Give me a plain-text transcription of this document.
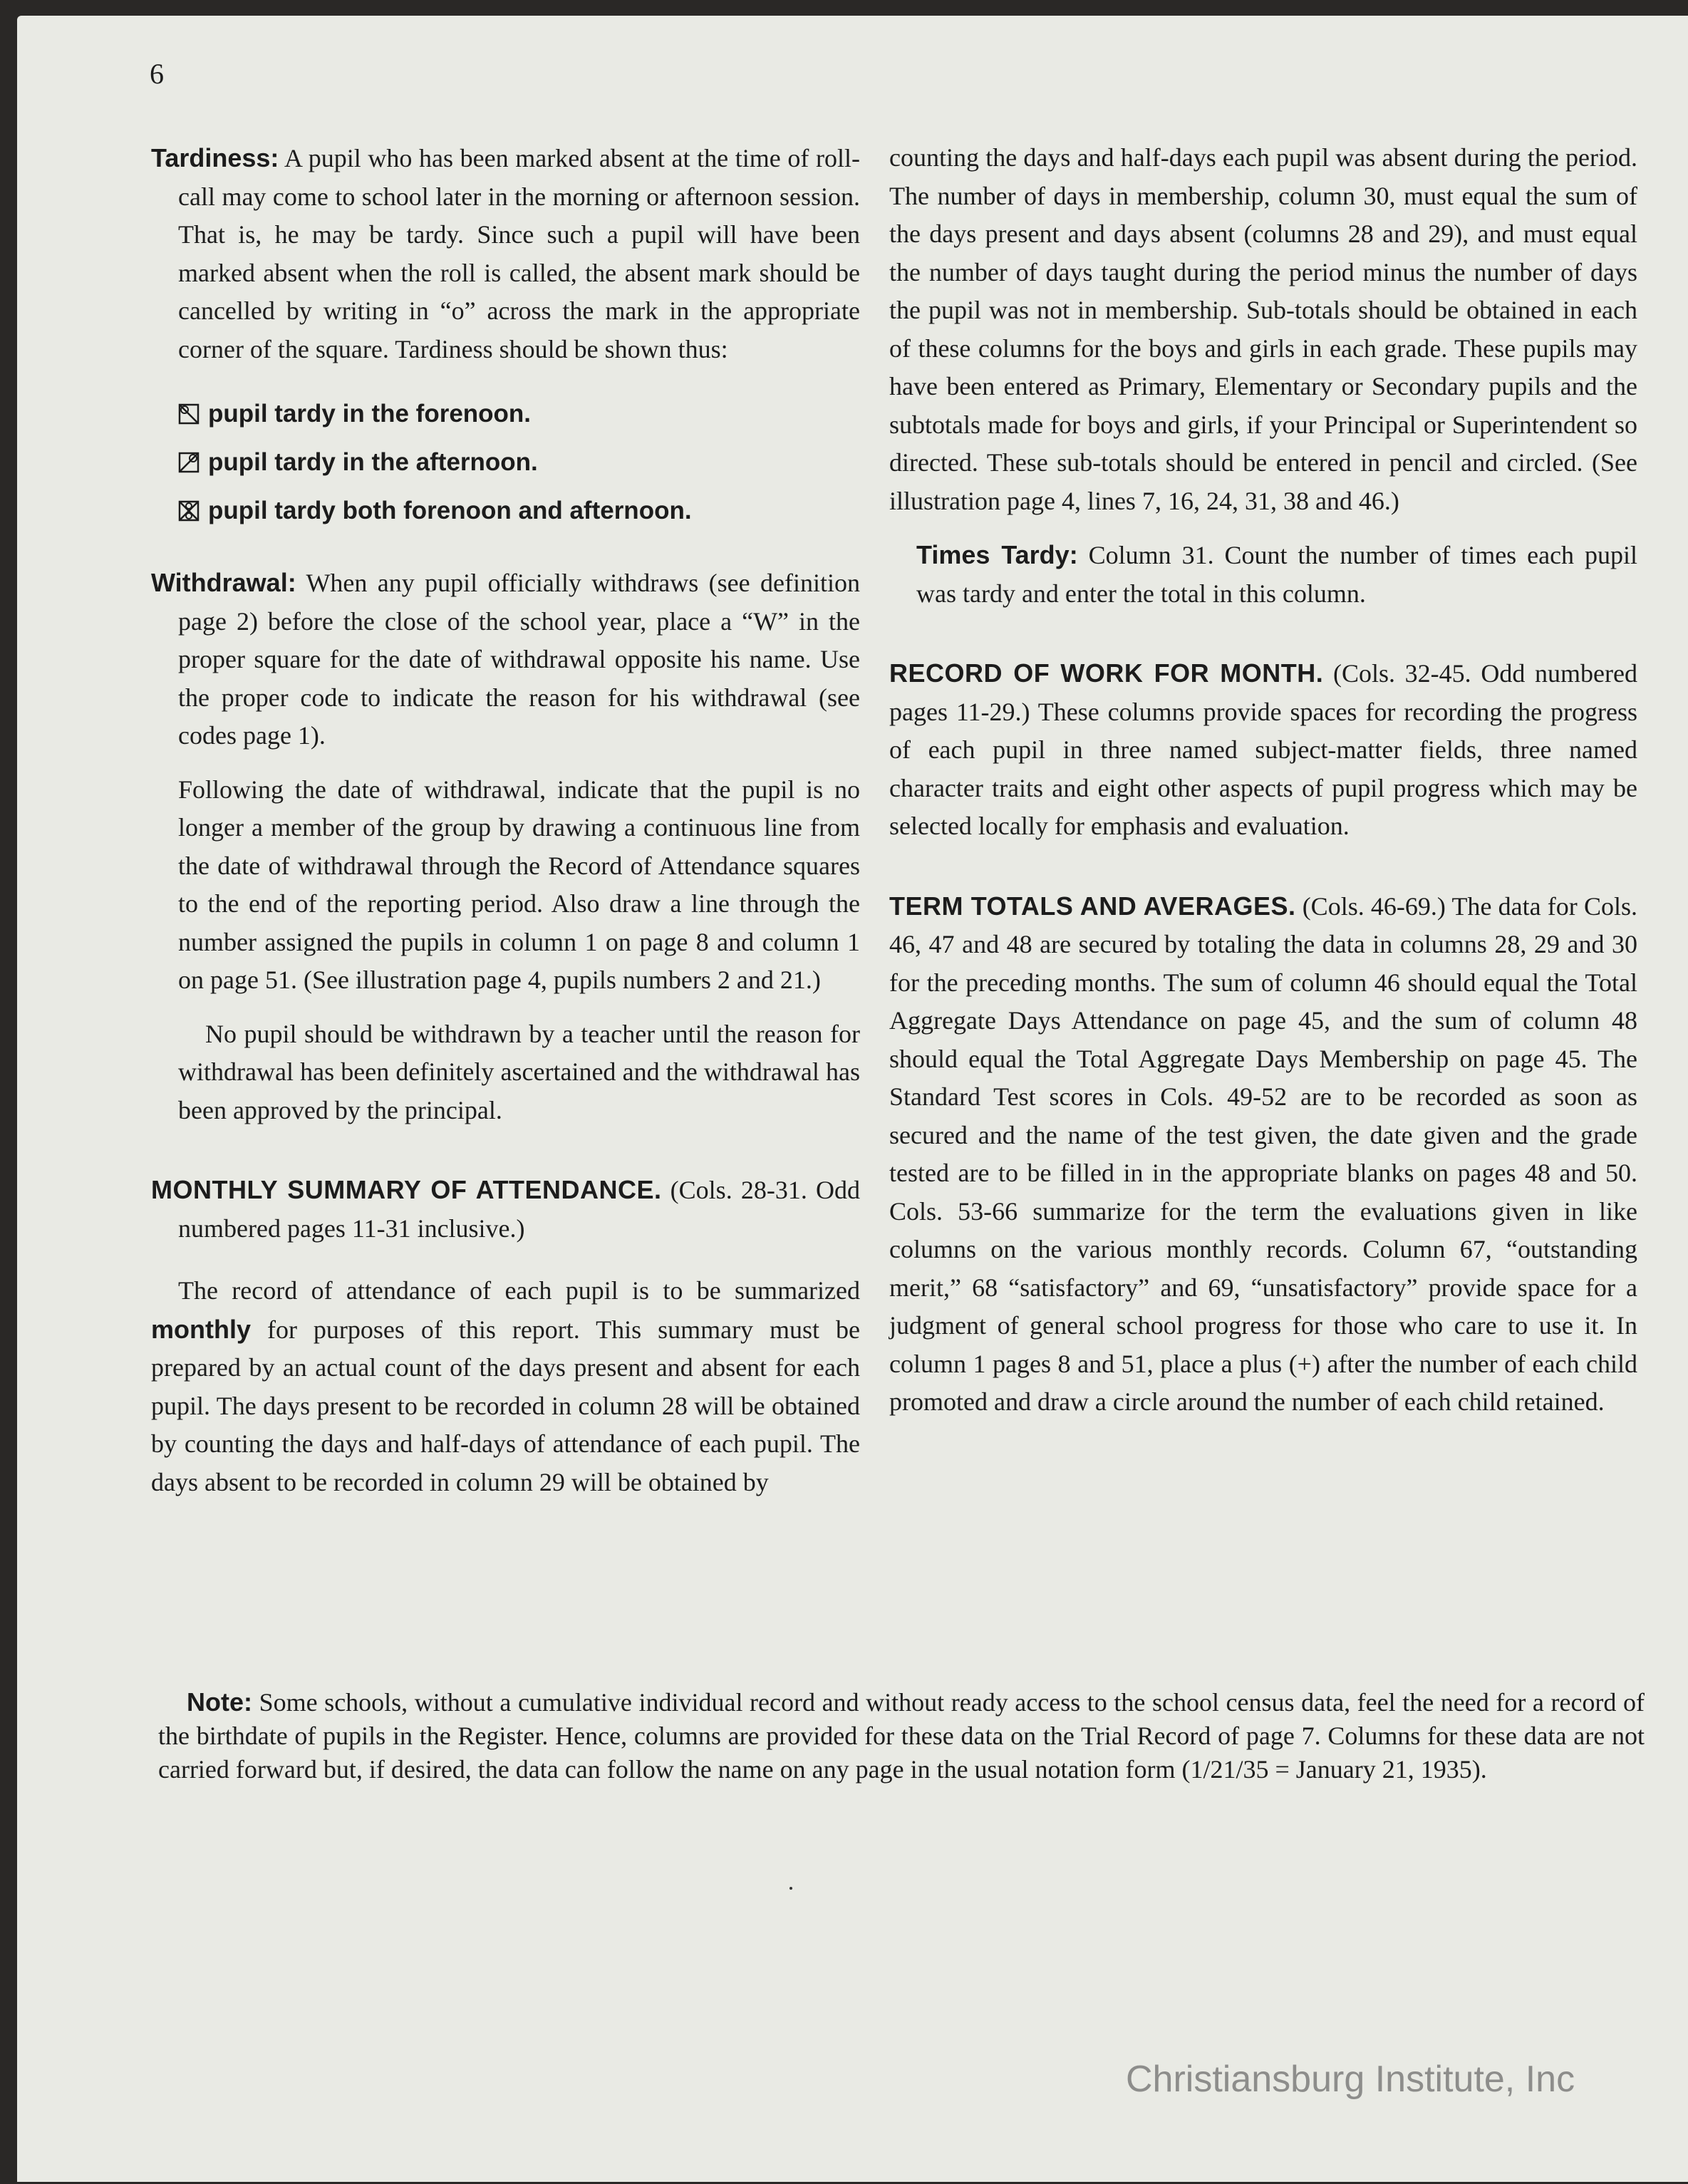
6

Tardiness: A pupil who has been marked absent at the time of roll-call may come to school later in the morning or afternoon session. That is, he may be tardy. Since such a pupil will have been marked absent when the roll is called, the absent mark should be cancelled by writing in “o” across the mark in the appropriate corner of the square. Tardiness should be shown thus:

pupil tardy in the forenoon.
pupil tardy in the afternoon.
pupil tardy both forenoon and afternoon.

Withdrawal: When any pupil officially withdraws (see definition page 2) before the close of the school year, place a “W” in the proper square for the date of withdrawal opposite his name. Use the proper code to indicate the reason for his withdrawal (see codes page 1).

Following the date of withdrawal, indicate that the pupil is no longer a member of the group by drawing a continuous line from the date of withdrawal through the Record of Attendance squares to the end of the reporting period. Also draw a line through the number assigned the pupils in column 1 on page 8 and column 1 on page 51. (See illustration page 4, pupils numbers 2 and 21.)

No pupil should be withdrawn by a teacher until the reason for withdrawal has been definitely ascertained and the withdrawal has been approved by the principal.

MONTHLY SUMMARY OF ATTENDANCE. (Cols. 28-31. Odd numbered pages 11-31 inclusive.)

The record of attendance of each pupil is to be summarized monthly for purposes of this report. This summary must be prepared by an actual count of the days present and absent for each pupil. The days present to be recorded in column 28 will be obtained by counting the days and half-days of attendance of each pupil. The days absent to be recorded in column 29 will be obtained by

counting the days and half-days each pupil was absent during the period. The number of days in membership, column 30, must equal the sum of the days present and days absent (columns 28 and 29), and must equal the number of days taught during the period minus the number of days the pupil was not in membership. Sub-totals should be obtained in each of these columns for the boys and girls in each grade. These pupils may have been entered as Primary, Elementary or Secondary pupils and the subtotals made for boys and girls, if your Principal or Superintendent so directed. These sub-totals should be entered in pencil and circled. (See illustration page 4, lines 7, 16, 24, 31, 38 and 46.)

Times Tardy: Column 31. Count the number of times each pupil was tardy and enter the total in this column.

RECORD OF WORK FOR MONTH. (Cols. 32-45. Odd numbered pages 11-29.) These columns provide spaces for recording the progress of each pupil in three named subject-matter fields, three named character traits and eight other aspects of pupil progress which may be selected locally for emphasis and evaluation.

TERM TOTALS AND AVERAGES. (Cols. 46-69.) The data for Cols. 46, 47 and 48 are secured by totaling the data in columns 28, 29 and 30 for the preceding months. The sum of column 46 should equal the Total Aggregate Days Attendance on page 45, and the sum of column 48 should equal the Total Aggregate Days Membership on page 45. The Standard Test scores in Cols. 49-52 are to be recorded as soon as secured and the name of the test given, the date given and the grade tested are to be filled in in the appropriate blanks on pages 48 and 50. Cols. 53-66 summarize for the term the evaluations given in like columns on the various monthly records. Column 67, “outstanding merit,” 68 “satisfactory” and 69, “unsatisfactory” provide space for a judgment of general school progress for those who care to use it. In column 1 pages 8 and 51, place a plus (+) after the number of each child promoted and draw a circle around the number of each child retained.

Note: Some schools, without a cumulative individual record and without ready access to the school census data, feel the need for a record of the birthdate of pupils in the Register. Hence, columns are provided for these data on the Trial Record of page 7. Columns for these data are not carried forward but, if desired, the data can follow the name on any page in the usual notation form (1/21/35 = January 21, 1935).

Christiansburg Institute, Inc
